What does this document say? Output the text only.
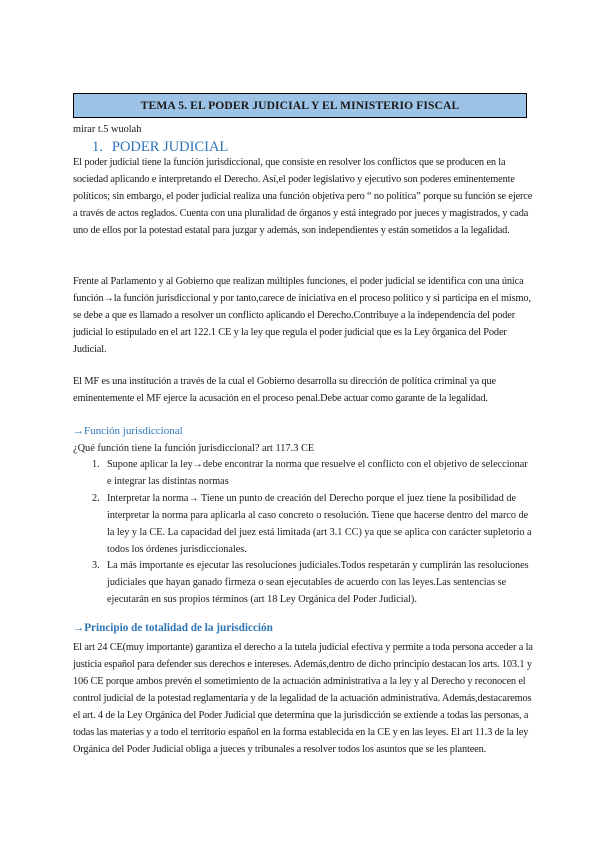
TEMA 5. EL PODER JUDICIAL Y EL MINISTERIO FISCAL
mirar t.5 wuolah
1. PODER JUDICIAL
El poder judicial tiene la función jurisdiccional, que consiste en resolver los conflictos que se producen en la sociedad aplicando e interpretando el Derecho. Así,el poder legislativo y ejecutivo son poderes eminentemente políticos; sin embargo, el poder judicial realiza una función objetiva pero “ no política” porque su función se ejerce a través de actos reglados. Cuenta con una pluralidad de órganos y está integrado por jueces y magistrados, y cada uno de ellos por la potestad estatal para juzgar y además, son independientes y están sometidos a la legalidad.
Frente al Parlamento y al Gobierno que realizan múltiples funciones, el poder judicial se identifica con una única función→la función jurisdiccional y por tanto,carece de iniciativa en el proceso político y si participa en el mismo, se debe a que es llamado a resolver un conflicto aplicando el Derecho.Contribuye a la independencia del poder judicial lo estipulado en el art 122.1 CE y la ley que regula el poder judicial que es la Ley ôrganica del Poder Judicial.
El MF es una institución a través de la cual el Gobierno desarrolla su dirección de política criminal ya que eminentemente el MF ejerce la acusación en el proceso penal.Debe actuar como garante de la legalidad.
→Función jurisdiccional
¿Qué función tiene la función jurisdiccional? art 117.3 CE
1. Supone aplicar la ley→debe encontrar la norma que resuelve el conflicto con el objetivo de seleccionar e integrar las distintas normas
2. Interpretar la norma→ Tiene un punto de creación del Derecho porque el juez tiene la posibilidad de interpretar la norma para aplicarla al caso concreto o resolución. Tiene que hacerse dentro del marco de la ley y la CE. La capacidad del juez está limitada (art 3.1 CC) ya que se aplica con carácter supletorio a todos los órdenes jurisdiccionales.
3. La más importante es ejecutar las resoluciones judiciales.Todos respetarán y cumplirán las resoluciones judiciales que hayan ganado firmeza o sean ejecutables de acuerdo con las leyes.Las sentencias se ejecutarán en sus propios términos (art 18 Ley Orgánica del Poder Judicial).
→Principio de totalidad de la jurisdicción
El art 24 CE(muy importante) garantiza el derecho a la tutela judicial efectiva y permite a toda persona acceder a la justicia español para defender sus derechos e intereses. Además,dentro de dicho principio destacan los arts. 103.1 y 106 CE porque ambos prevén el sometimiento de la actuación administrativa a la ley y al Derecho y reconocen el control judicial de la potestad reglamentaria y de la legalidad de la actuación administrativa. Además,destacaremos el art. 4 de la Ley Orgánica del Poder Judicial que determina que la jurisdicción se extiende a todas las personas, a todas las materias y a todo el territorio español en la forma establecida en la CE y en las leyes. El art 11.3 de la ley Orgánica del Poder Judicial obliga a jueces y tribunales a resolver todos los asuntos que se les planteen.
